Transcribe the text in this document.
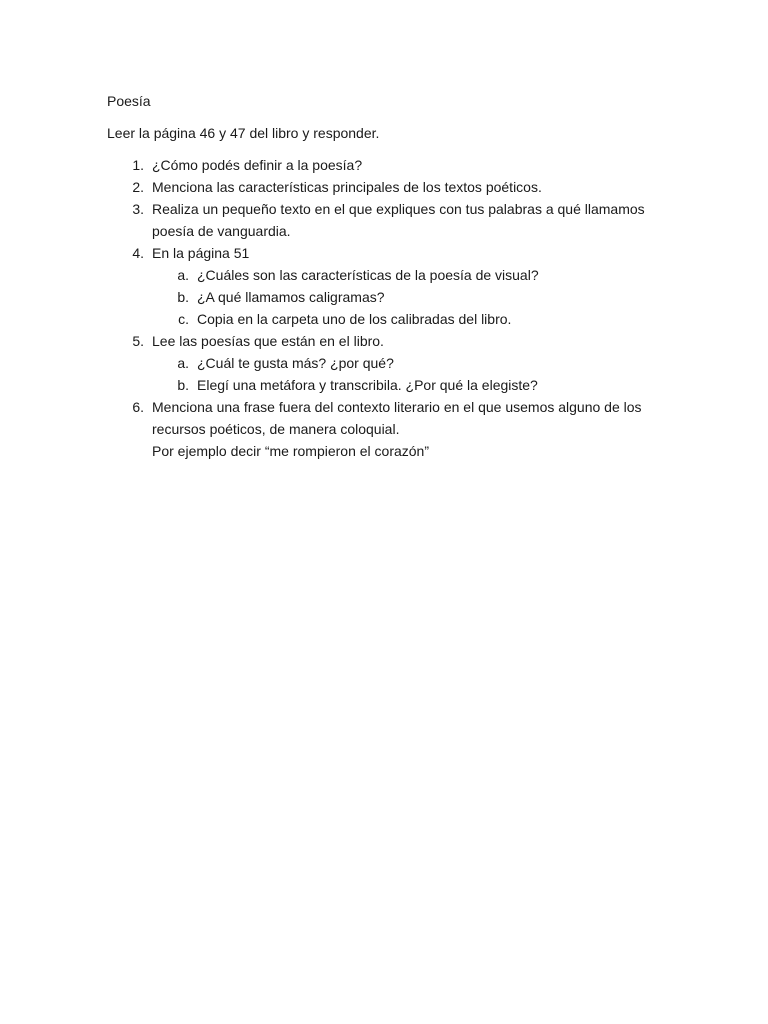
Poesía

Leer la página 46 y 47 del libro y responder.

1. ¿Cómo podés definir a la poesía?
2. Menciona las características principales de los textos poéticos.
3. Realiza un pequeño texto en el que expliques con tus palabras a qué llamamos poesía de vanguardia.
4. En la página 51
a. ¿Cuáles son las características de la poesía de visual?
b. ¿A qué llamamos caligramas?
c. Copia en la carpeta uno de los calibradas del libro.
5. Lee las poesías que están en el libro.
a. ¿Cuál te gusta más? ¿por qué?
b. Elegí una metáfora y transcribila. ¿Por qué la elegiste?
6. Menciona una frase fuera del contexto literario en el que usemos alguno de los recursos poéticos, de manera coloquial.
Por ejemplo decir “me rompieron el corazón”
